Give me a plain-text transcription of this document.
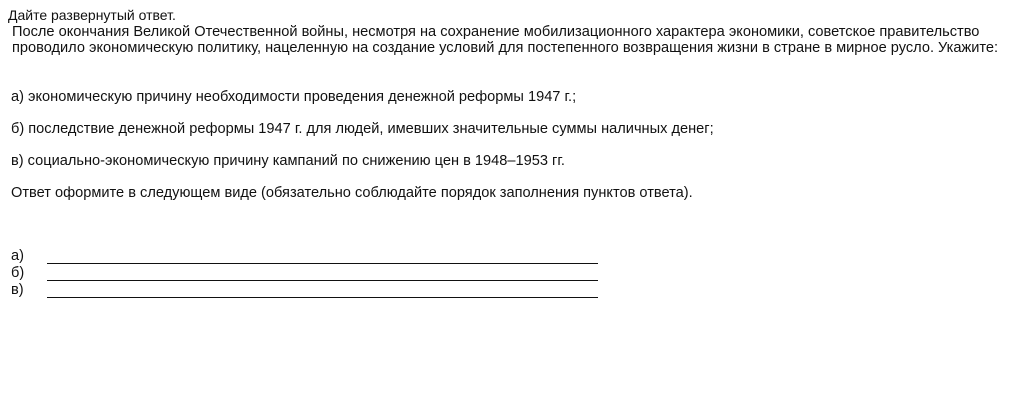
Дайте развернутый ответ.
После окончания Великой Отечественной войны, несмотря на сохранение мобилизационного характера экономики, советское правительство проводило экономическую политику, нацеленную на создание условий для постепенного возвращения жизни в стране в мирное русло. Укажите:
а) экономическую причину необходимости проведения денежной реформы 1947 г.;
б) последствие денежной реформы 1947 г. для людей, имевших значительные суммы наличных денег;
в) социально-экономическую причину кампаний по снижению цен в 1948–1953 гг.
Ответ оформите в следующем виде (обязательно соблюдайте порядок заполнения пунктов ответа).
а)
б)
в)
